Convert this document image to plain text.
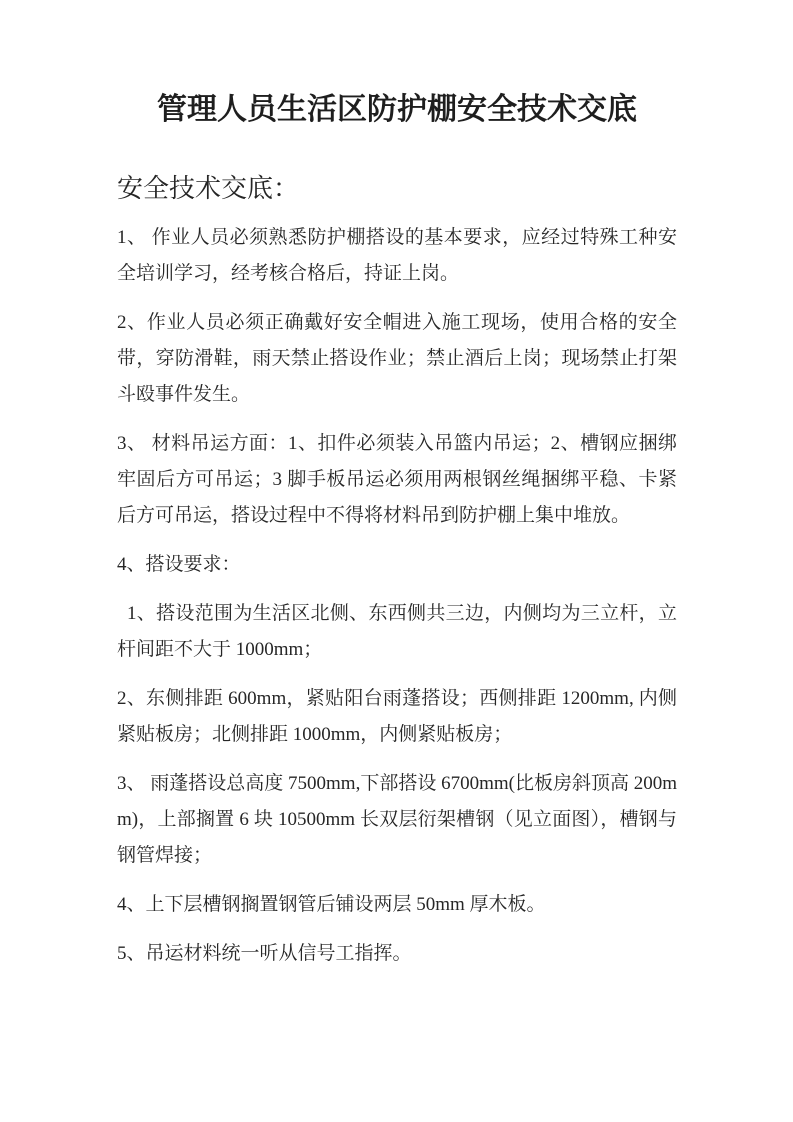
管理人员生活区防护棚安全技术交底

安全技术交底：

1、 作业人员必须熟悉防护棚搭设的基本要求，应经过特殊工种安全培训学习，经考核合格后，持证上岗。

2、作业人员必须正确戴好安全帽进入施工现场，使用合格的安全带，穿防滑鞋，雨天禁止搭设作业；禁止酒后上岗；现场禁止打架斗殴事件发生。

3、 材料吊运方面：1、扣件必须装入吊篮内吊运；2、槽钢应捆绑牢固后方可吊运；3 脚手板吊运必须用两根钢丝绳捆绑平稳、卡紧后方可吊运，搭设过程中不得将材料吊到防护棚上集中堆放。

4、搭设要求：

1、搭设范围为生活区北侧、东西侧共三边，内侧均为三立杆，立杆间距不大于 1000mm；

2、东侧排距 600mm，紧贴阳台雨蓬搭设；西侧排距 1200mm, 内侧紧贴板房；北侧排距 1000mm，内侧紧贴板房；

3、 雨蓬搭设总高度 7500mm,下部搭设 6700mm(比板房斜顶高 200mm)，上部搁置 6 块 10500mm 长双层衍架槽钢（见立面图），槽钢与钢管焊接；

4、上下层槽钢搁置钢管后铺设两层 50mm 厚木板。

5、吊运材料统一听从信号工指挥。
